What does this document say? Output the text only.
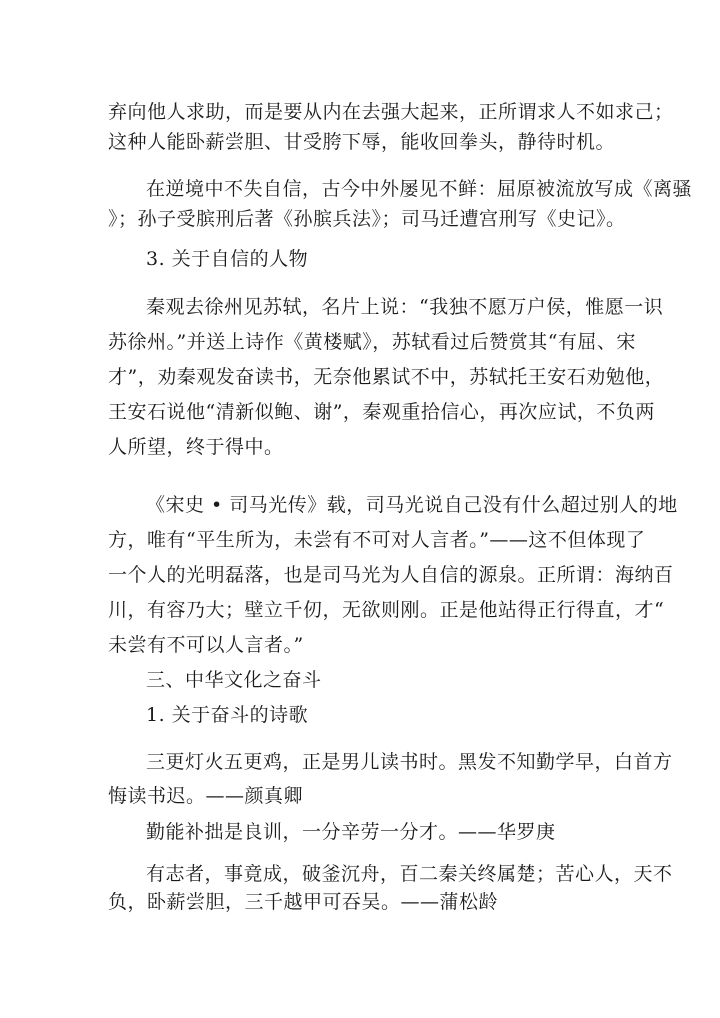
弃向他人求助，而是要从内在去强大起来，正所谓求人不如求己；
这种人能卧薪尝胆、甘受胯下辱，能收回拳头，静待时机。
在逆境中不失自信，古今中外屡见不鲜：屈原被流放写成《离骚
》；孙子受膑刑后著《孙膑兵法》；司马迁遭宫刑写《史记》。
3. 关于自信的人物
秦观去徐州见苏轼，名片上说：“我独不愿万户侯，惟愿一识
苏徐州。”并送上诗作《黄楼赋》，苏轼看过后赞赏其“有屈、宋
才”，劝秦观发奋读书，无奈他累试不中，苏轼托王安石劝勉他，
王安石说他“清新似鲍、谢”，秦观重拾信心，再次应试，不负两
人所望，终于得中。
《宋史 • 司马光传》载，司马光说自己没有什么超过别人的地
方，唯有“平生所为，未尝有不可对人言者。”——这不但体现了
一个人的光明磊落，也是司马光为人自信的源泉。正所谓：海纳百
川，有容乃大；壁立千仞，无欲则刚。正是他站得正行得直，才“
未尝有不可以人言者。”
三、中华文化之奋斗
1. 关于奋斗的诗歌
三更灯火五更鸡，正是男儿读书时。黑发不知勤学早，白首方
悔读书迟。——颜真卿
勤能补拙是良训，一分辛劳一分才。——华罗庚
有志者，事竟成，破釜沉舟，百二秦关终属楚；苦心人，天不
负，卧薪尝胆，三千越甲可吞吴。——蒲松龄
